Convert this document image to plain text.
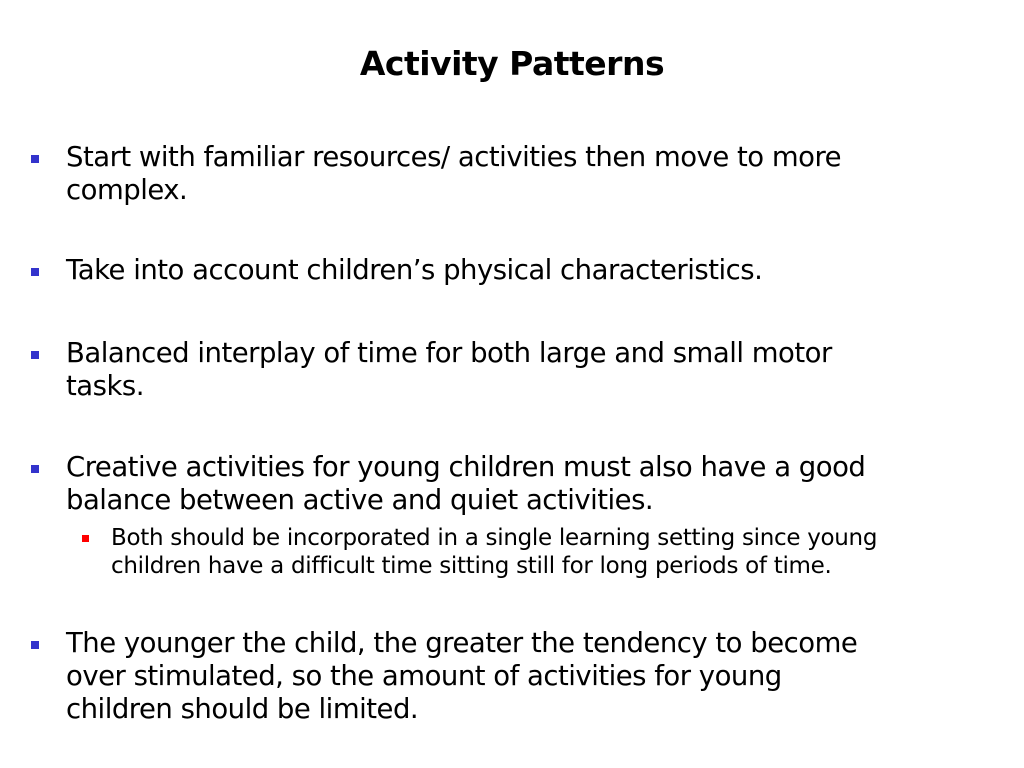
Activity Patterns
Start with familiar resources/ activities then move to more
complex.
Take into account children’s physical characteristics.
Balanced interplay of time for both large and small motor
tasks.
Creative activities for young children must also have a good
balance between active and quiet activities.
Both should be incorporated in a single learning setting since young
children have a difficult time sitting still for long periods of time.
The younger the child, the greater the tendency to become
over stimulated, so the amount of activities for young
children should be limited.
